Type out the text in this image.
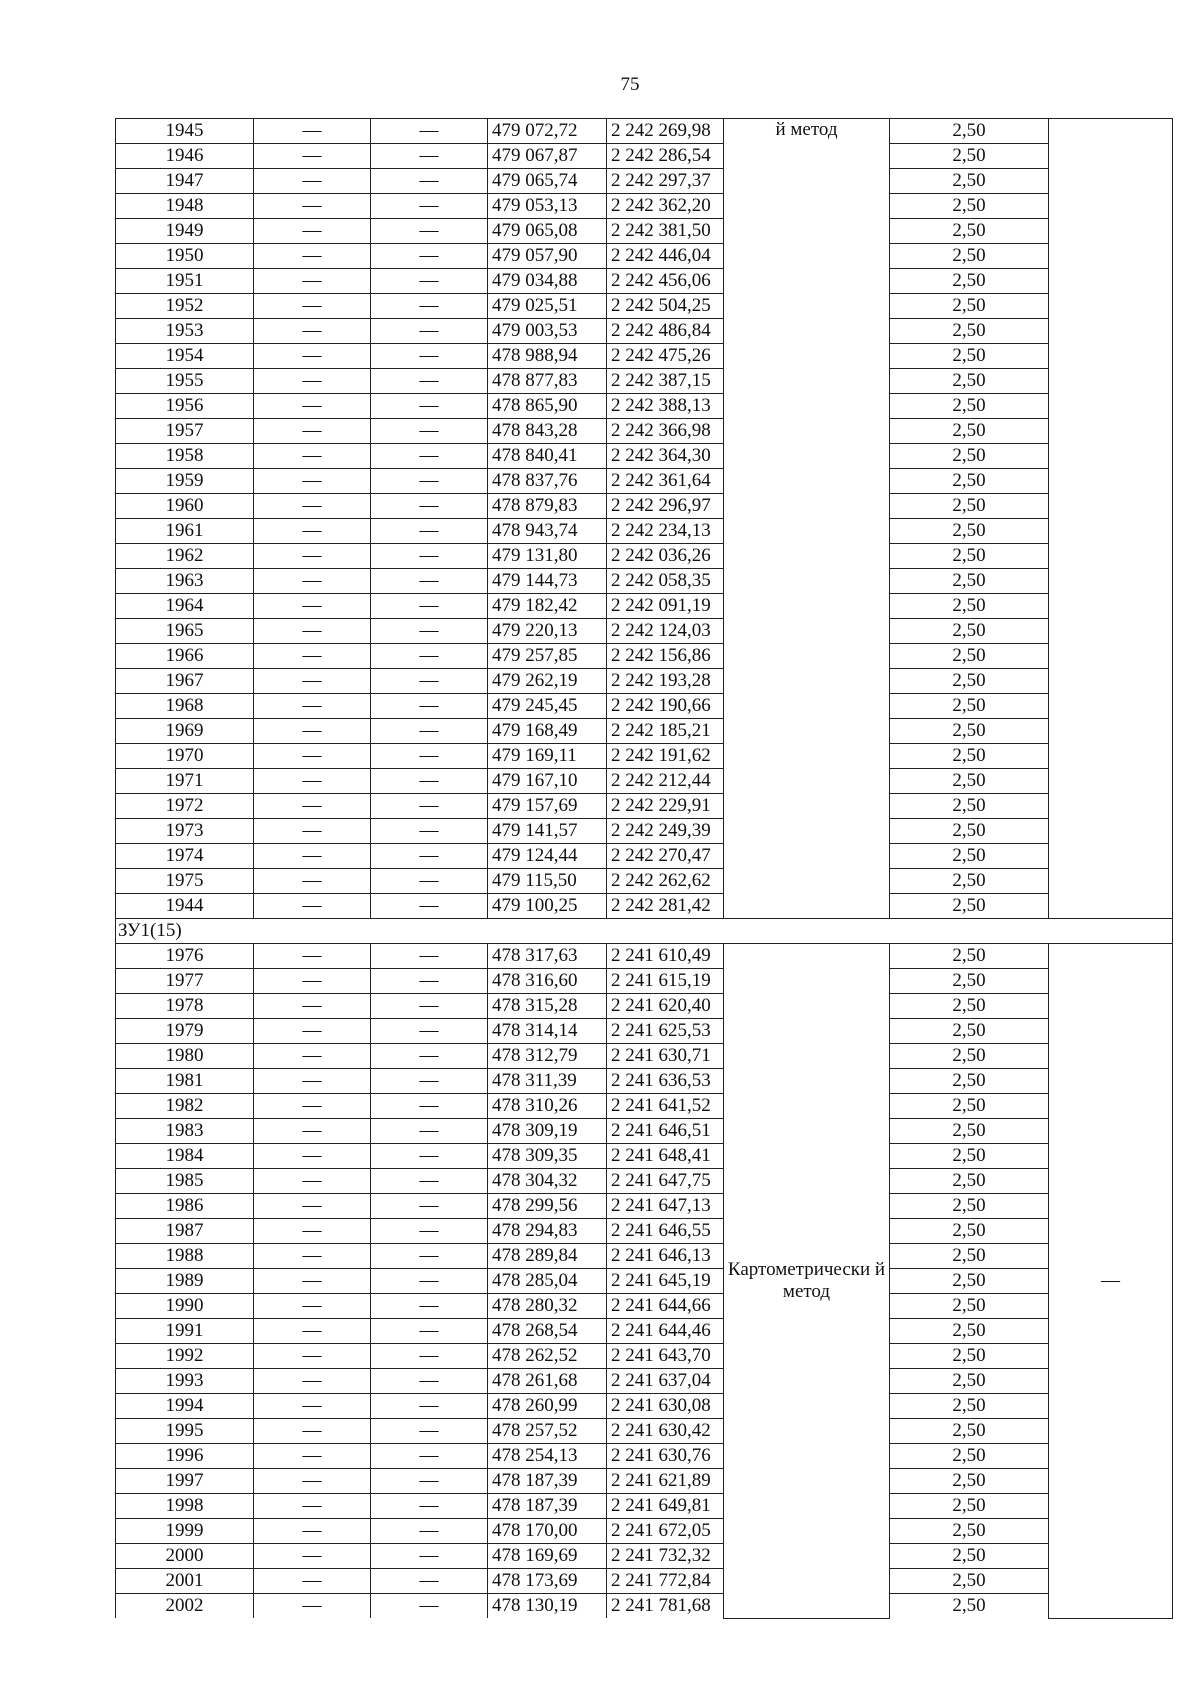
75
1945	—	—	479 072,72	2 242 269,98	й метод	2,50	
1946	—	—	479 067,87	2 242 286,54		2,50	
1947	—	—	479 065,74	2 242 297,37		2,50	
1948	—	—	479 053,13	2 242 362,20		2,50	
1949	—	—	479 065,08	2 242 381,50		2,50	
1950	—	—	479 057,90	2 242 446,04		2,50	
1951	—	—	479 034,88	2 242 456,06		2,50	
1952	—	—	479 025,51	2 242 504,25		2,50	
1953	—	—	479 003,53	2 242 486,84		2,50	
1954	—	—	478 988,94	2 242 475,26		2,50	
1955	—	—	478 877,83	2 242 387,15		2,50	
1956	—	—	478 865,90	2 242 388,13		2,50	
1957	—	—	478 843,28	2 242 366,98		2,50	
1958	—	—	478 840,41	2 242 364,30		2,50	
1959	—	—	478 837,76	2 242 361,64		2,50	
1960	—	—	478 879,83	2 242 296,97		2,50	
1961	—	—	478 943,74	2 242 234,13		2,50	
1962	—	—	479 131,80	2 242 036,26		2,50	
1963	—	—	479 144,73	2 242 058,35		2,50	
1964	—	—	479 182,42	2 242 091,19		2,50	
1965	—	—	479 220,13	2 242 124,03		2,50	
1966	—	—	479 257,85	2 242 156,86		2,50	
1967	—	—	479 262,19	2 242 193,28		2,50	
1968	—	—	479 245,45	2 242 190,66		2,50	
1969	—	—	479 168,49	2 242 185,21		2,50	
1970	—	—	479 169,11	2 242 191,62		2,50	
1971	—	—	479 167,10	2 242 212,44		2,50	
1972	—	—	479 157,69	2 242 229,91		2,50	
1973	—	—	479 141,57	2 242 249,39		2,50	
1974	—	—	479 124,44	2 242 270,47		2,50	
1975	—	—	479 115,50	2 242 262,62		2,50	
1944	—	—	479 100,25	2 242 281,42		2,50	
ЗУ1(15)							
1976	—	—	478 317,63	2 241 610,49	Картометрически й метод	2,50	—
1977	—	—	478 316,60	2 241 615,19		2,50	
1978	—	—	478 315,28	2 241 620,40		2,50	
1979	—	—	478 314,14	2 241 625,53		2,50	
1980	—	—	478 312,79	2 241 630,71		2,50	
1981	—	—	478 311,39	2 241 636,53		2,50	
1982	—	—	478 310,26	2 241 641,52		2,50	
1983	—	—	478 309,19	2 241 646,51		2,50	
1984	—	—	478 309,35	2 241 648,41		2,50	
1985	—	—	478 304,32	2 241 647,75		2,50	
1986	—	—	478 299,56	2 241 647,13		2,50	
1987	—	—	478 294,83	2 241 646,55		2,50	
1988	—	—	478 289,84	2 241 646,13		2,50	
1989	—	—	478 285,04	2 241 645,19		2,50	
1990	—	—	478 280,32	2 241 644,66		2,50	
1991	—	—	478 268,54	2 241 644,46		2,50	
1992	—	—	478 262,52	2 241 643,70		2,50	
1993	—	—	478 261,68	2 241 637,04		2,50	
1994	—	—	478 260,99	2 241 630,08		2,50	
1995	—	—	478 257,52	2 241 630,42		2,50	
1996	—	—	478 254,13	2 241 630,76		2,50	
1997	—	—	478 187,39	2 241 621,89		2,50	
1998	—	—	478 187,39	2 241 649,81		2,50	
1999	—	—	478 170,00	2 241 672,05		2,50	
2000	—	—	478 169,69	2 241 732,32		2,50	
2001	—	—	478 173,69	2 241 772,84		2,50	
2002	—	—	478 130,19	2 241 781,68		2,50	
